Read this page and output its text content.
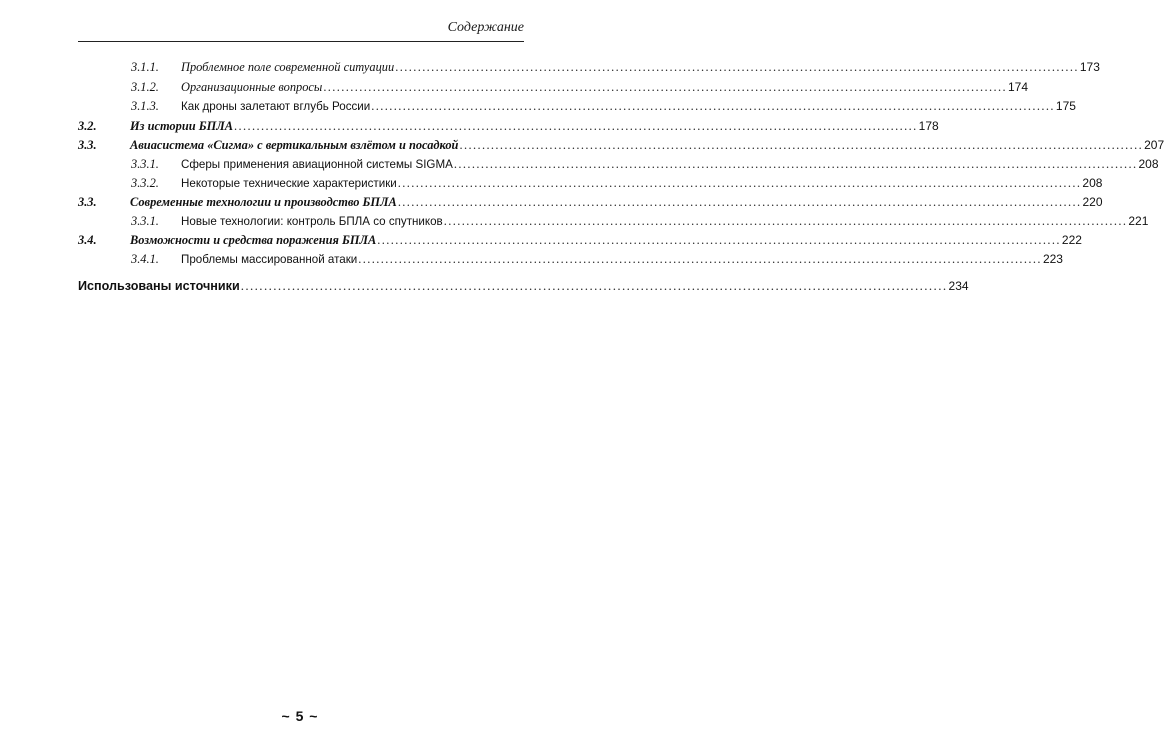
Содержание
3.1.1.	Проблемное поле современной ситуации .....	173
3.1.2.	Организационные вопросы .....	174
3.1.3.	Как дроны залетают вглубь России .....	175
3.2.	Из истории БПЛА .....	178
3.3.	Авиасистема «Сигма» с вертикальным взлётом и посадкой .....	207
3.3.1.	Сферы применения авиационной системы SIGMA .....	208
3.3.2.	Некоторые технические характеристики .....	208
3.3.	Современные технологии и производство БПЛА .....	220
3.3.1.	Новые технологии: контроль БПЛА со спутников .....	221
3.4.	Возможности и средства поражения БПЛА .....	222
3.4.1.	Проблемы массированной атаки .....	223
Использованы источники .....	234
~ 5 ~
